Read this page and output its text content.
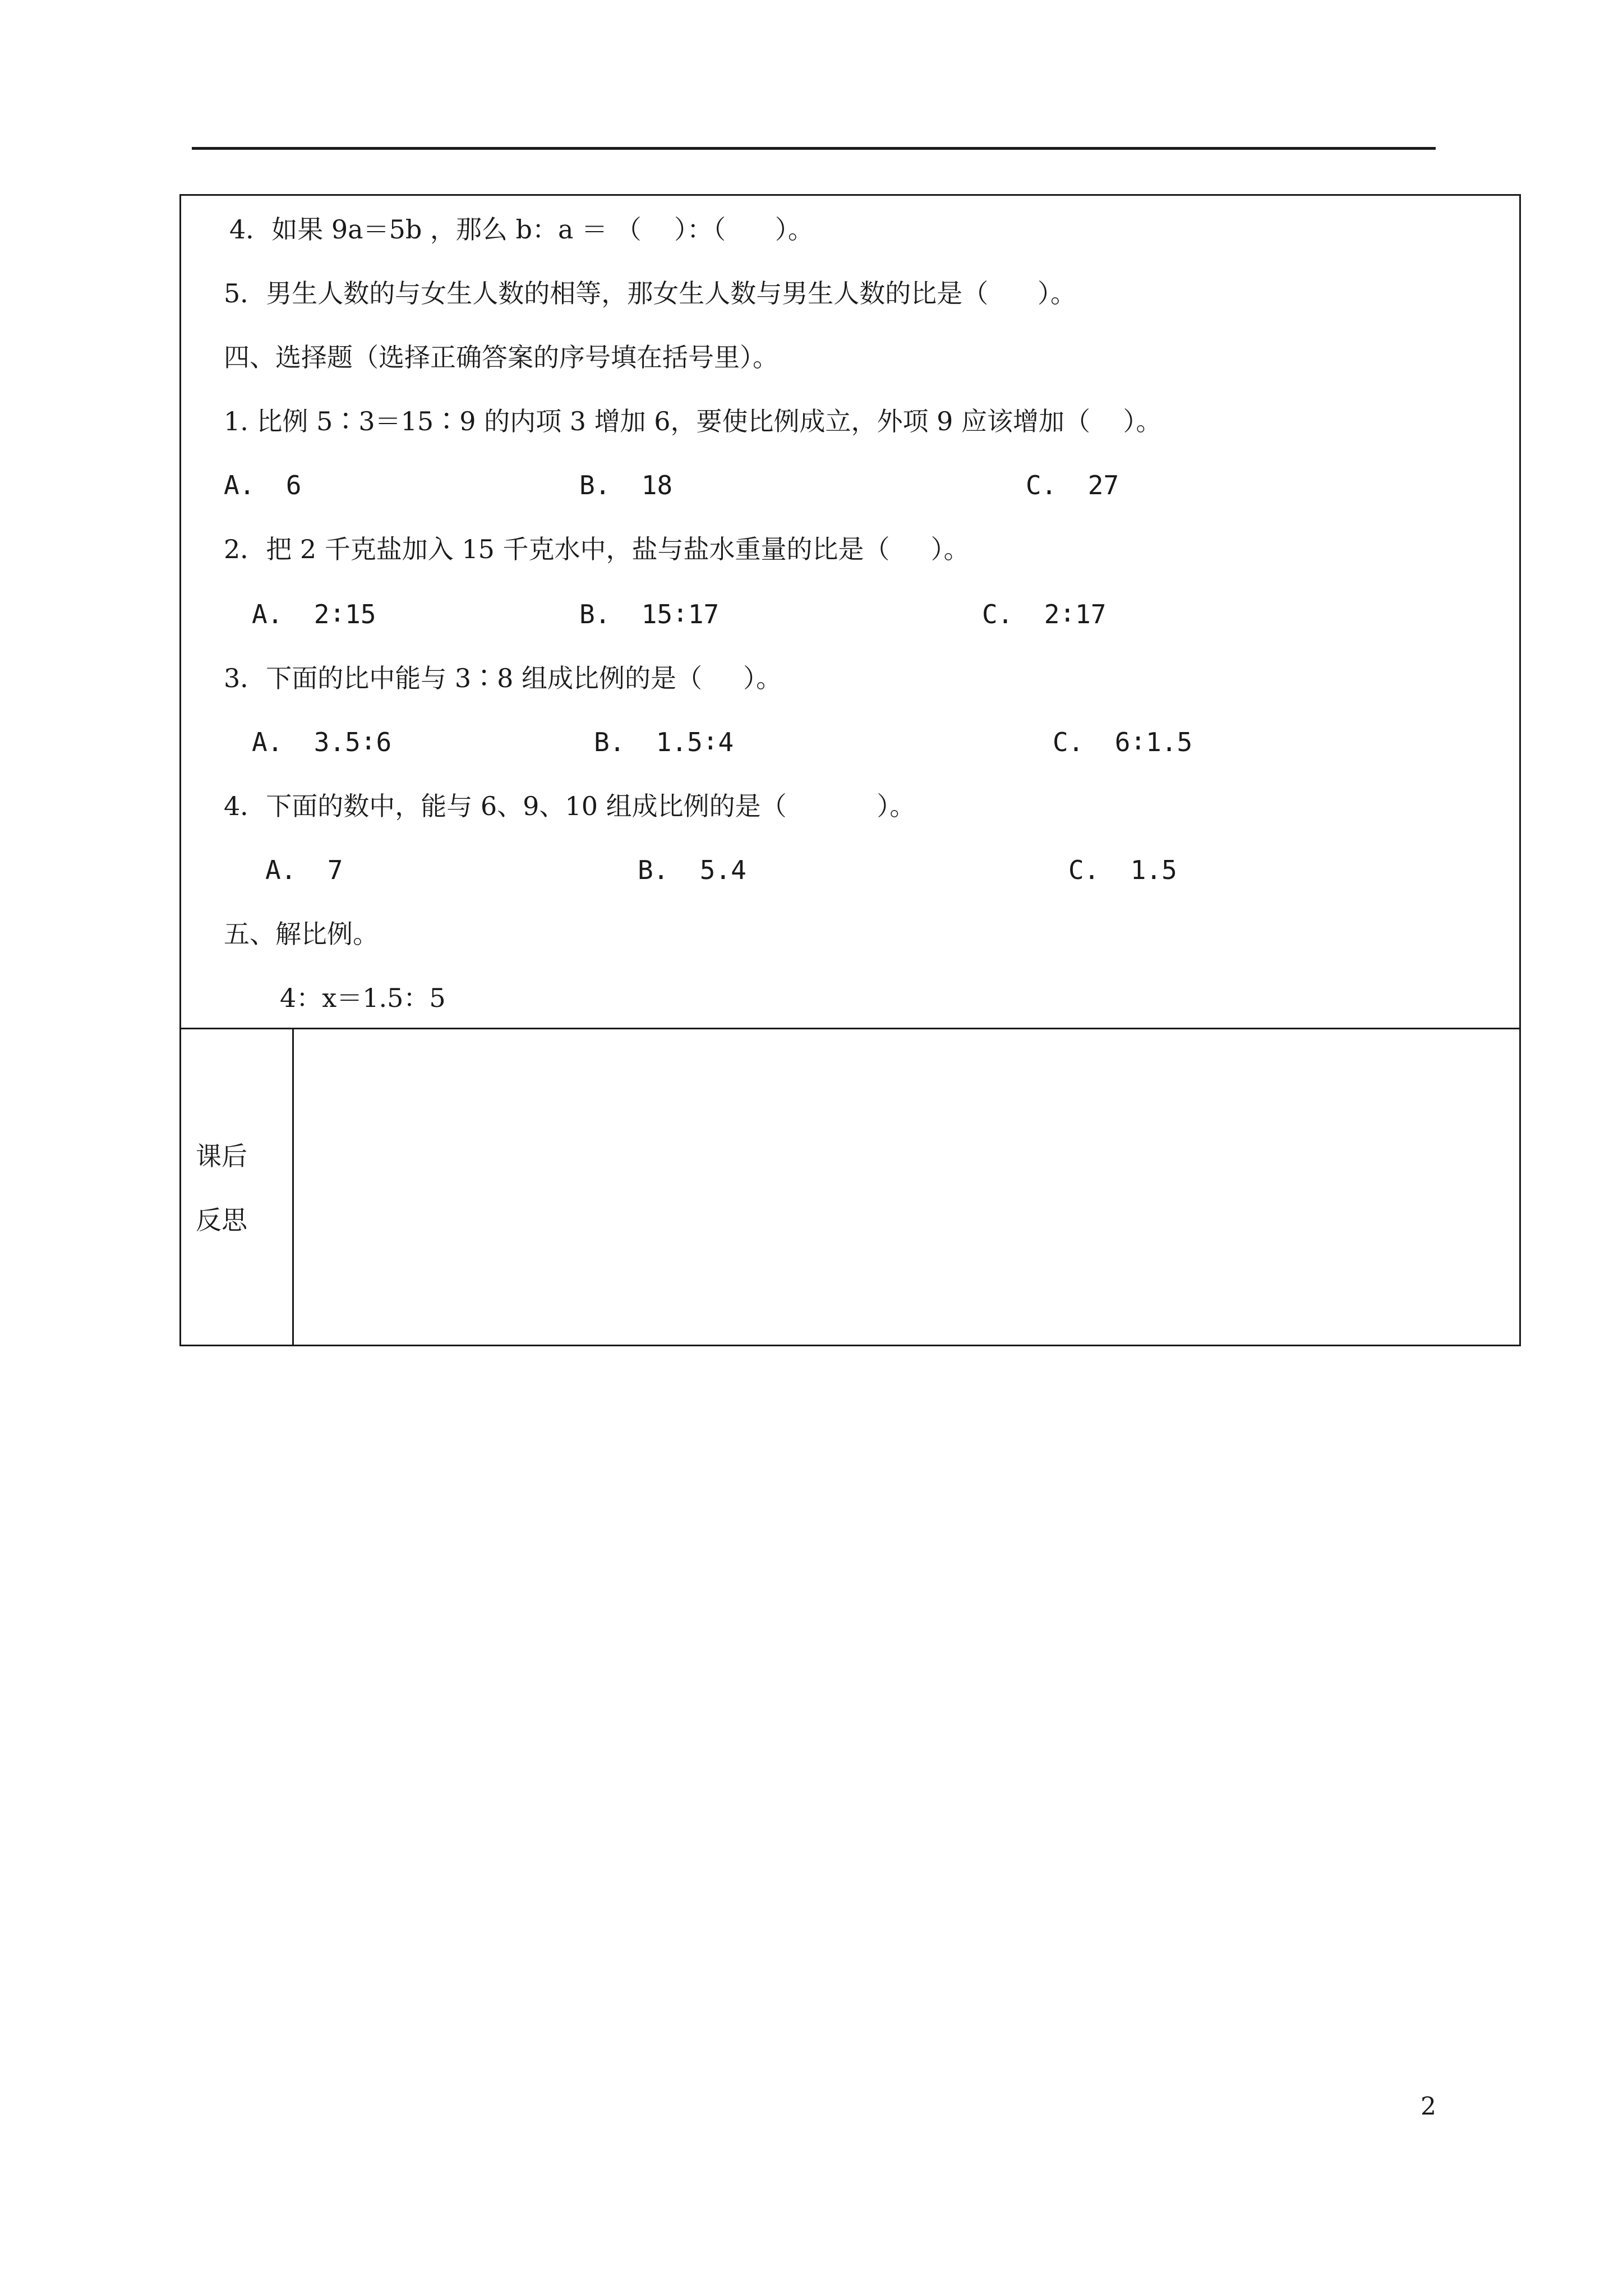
4．如果 9a＝5b ，那么 b：a ＝ （    ）：（      ）。
5．男生人数的与女生人数的相等，那女生人数与男生人数的比是（      ）。
四、选择题（选择正确答案的序号填在括号里）。
1. 比例 5∶3＝15∶9 的内项 3 增加 6，要使比例成立，外项 9 应该增加（    ）。
A.  6	B.  18	C.  27
2．把 2 千克盐加入 15 千克水中，盐与盐水重量的比是（     ）。
A.  2∶15	B.  15∶17	C.  2∶17
3．下面的比中能与 3∶8 组成比例的是（     ）。
A.  3.5∶6	B.  1.5∶4	C.  6∶1.5
4．下面的数中，能与 6、9、10 组成比例的是（           ）。
A.  7	B.  5.4	C.  1.5
五、解比例。
4：x＝1.5：5
课后
反思
2
